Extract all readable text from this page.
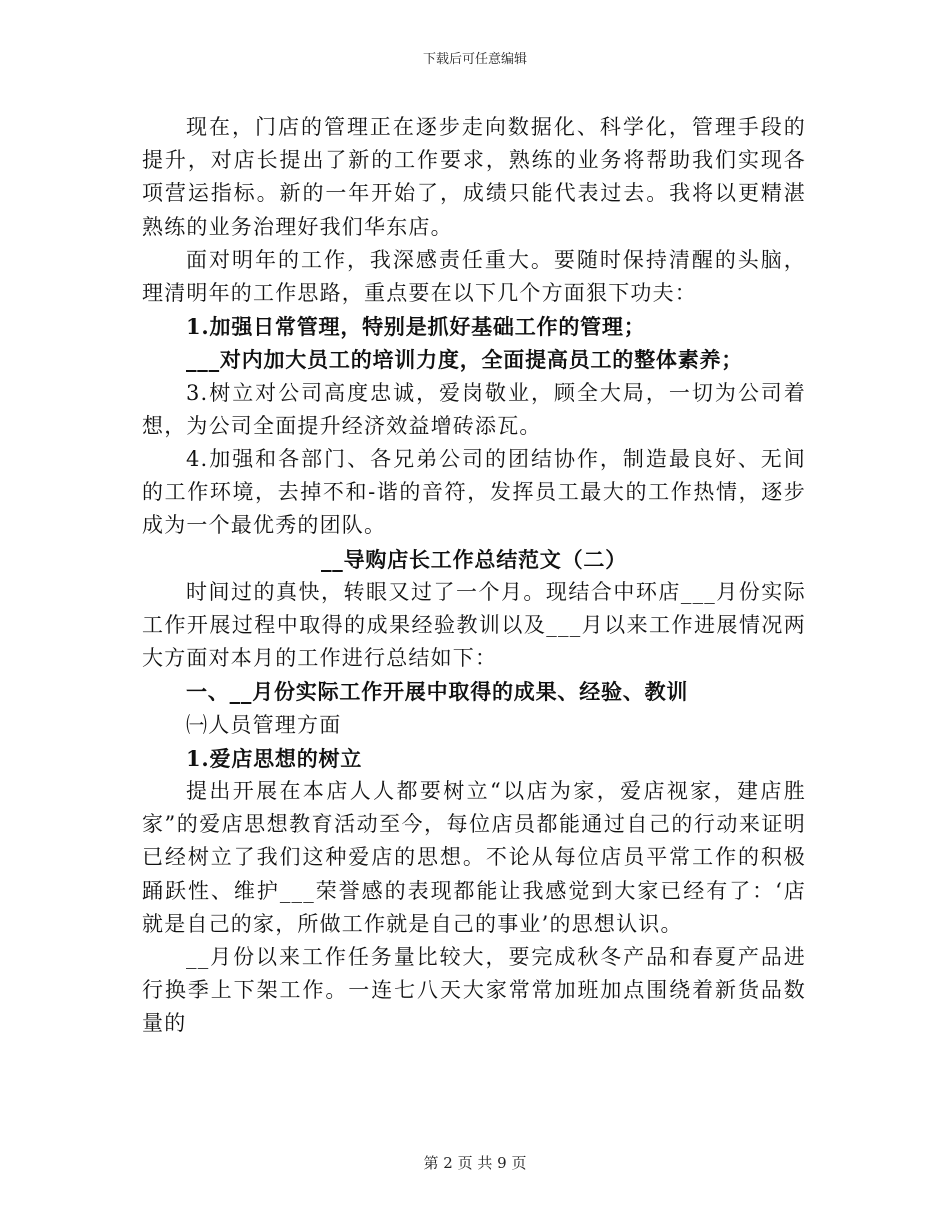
下载后可任意编辑

现在，门店的管理正在逐步走向数据化、科学化，管理手段的提升，对店长提出了新的工作要求，熟练的业务将帮助我们实现各项营运指标。新的一年开始了，成绩只能代表过去。我将以更精湛熟练的业务治理好我们华东店。

面对明年的工作，我深感责任重大。要随时保持清醒的头脑，理清明年的工作思路，重点要在以下几个方面狠下功夫：

1.加强日常管理，特别是抓好基础工作的管理；

___对内加大员工的培训力度，全面提高员工的整体素养；

3.树立对公司高度忠诚，爱岗敬业，顾全大局，一切为公司着想，为公司全面提升经济效益增砖添瓦。

4.加强和各部门、各兄弟公司的团结协作，制造最良好、无间的工作环境，去掉不和-谐的音符，发挥员工最大的工作热情，逐步成为一个最优秀的团队。

__导购店长工作总结范文（二）

时间过的真快，转眼又过了一个月。现结合中环店___月份实际工作开展过程中取得的成果经验教训以及___月以来工作进展情况两大方面对本月的工作进行总结如下：

一、__月份实际工作开展中取得的成果、经验、教训

㈠人员管理方面

1.爱店思想的树立

提出开展在本店人人都要树立“以店为家，爱店视家，建店胜家”的爱店思想教育活动至今，每位店员都能通过自己的行动来证明已经树立了我们这种爱店的思想。不论从每位店员平常工作的积极踊跃性、维护___荣誉感的表现都能让我感觉到大家已经有了：‘店就是自己的家，所做工作就是自己的事业’的思想认识。

__月份以来工作任务量比较大，要完成秋冬产品和春夏产品进行换季上下架工作。一连七八天大家常常加班加点围绕着新货品数量的

第 2 页 共 9 页
